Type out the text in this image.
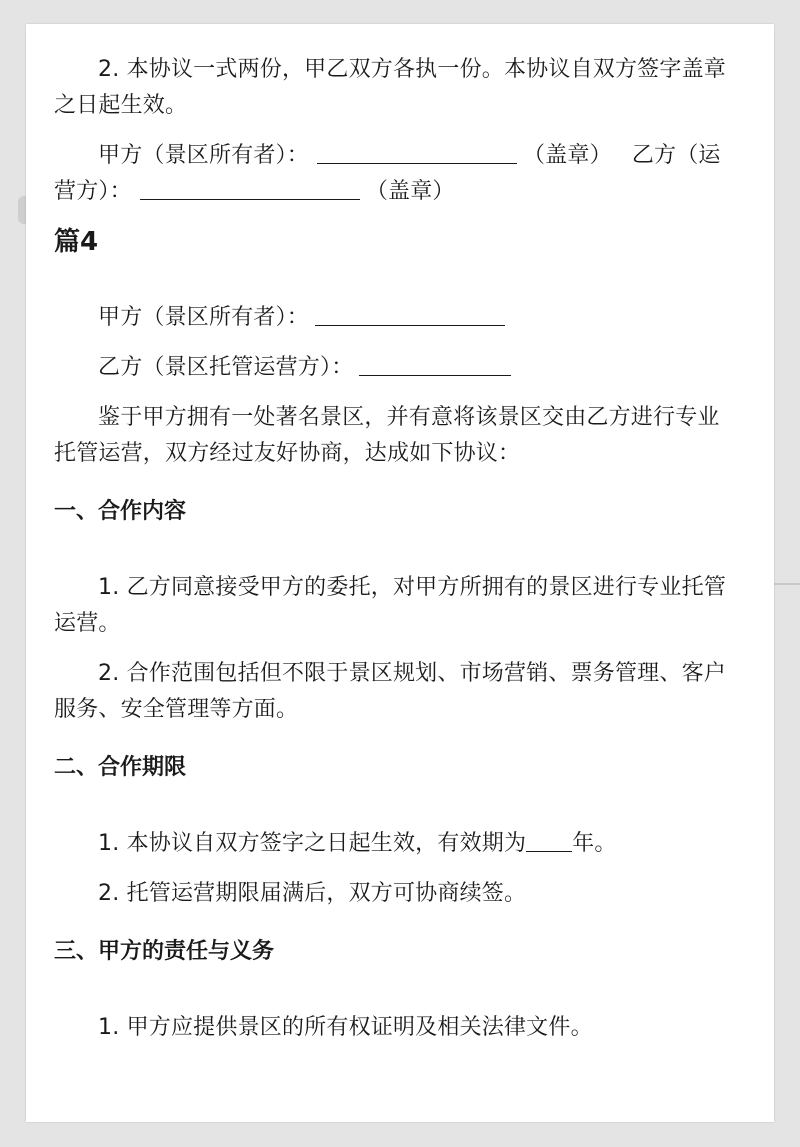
2. 本协议一式两份，甲乙双方各执一份。本协议自双方签字盖章之日起生效。

甲方（景区所有者）：	（盖章） 乙方（运营方）：	（盖章）

篇4

甲方（景区所有者）：

乙方（景区托管运营方）：

鉴于甲方拥有一处著名景区，并有意将该景区交由乙方进行专业托管运营，双方经过友好协商，达成如下协议：

一、合作内容

1. 乙方同意接受甲方的委托，对甲方所拥有的景区进行专业托管运营。

2. 合作范围包括但不限于景区规划、市场营销、票务管理、客户服务、安全管理等方面。

二、合作期限

1. 本协议自双方签字之日起生效，有效期为 年。

2. 托管运营期限届满后，双方可协商续签。

三、甲方的责任与义务

1. 甲方应提供景区的所有权证明及相关法律文件。
